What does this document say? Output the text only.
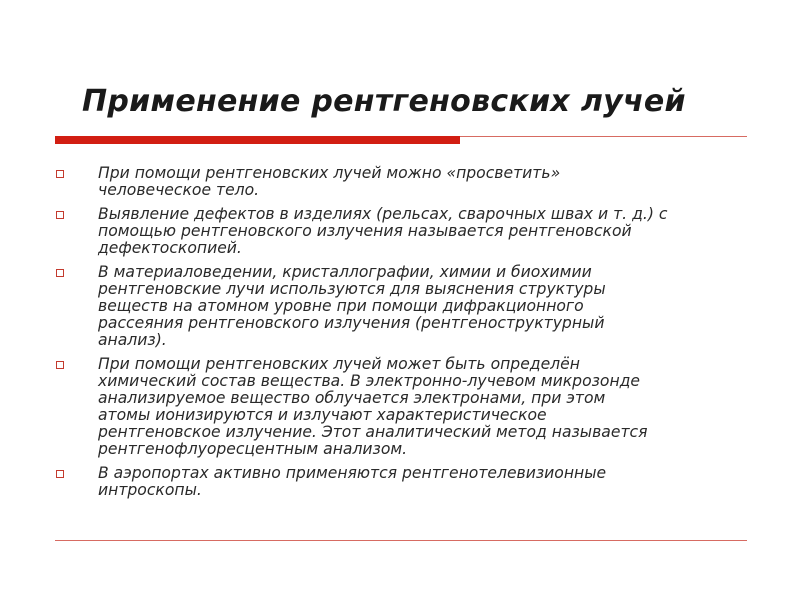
Применение рентгеновских лучей
При помощи рентгеновских лучей можно «просветить»
человеческое тело.
Выявление дефектов в изделиях (рельсах, сварочных швах и т. д.) с
помощью рентгеновского излучения называется рентгеновской
дефектоскопией.
В материаловедении, кристаллографии, химии и биохимии
рентгеновские лучи используются для выяснения структуры
веществ на атомном уровне при помощи дифракционного
рассеяния рентгеновского излучения (рентгеноструктурный
анализ).
При помощи рентгеновских лучей может быть определён
химический состав вещества. В электронно-лучевом микрозонде
анализируемое вещество облучается электронами, при этом
атомы ионизируются и излучают характеристическое
рентгеновское излучение. Этот аналитический метод называется
рентгенофлуоресцентным анализом.
В аэропортах активно применяются рентгенотелевизионные
интроскопы.
